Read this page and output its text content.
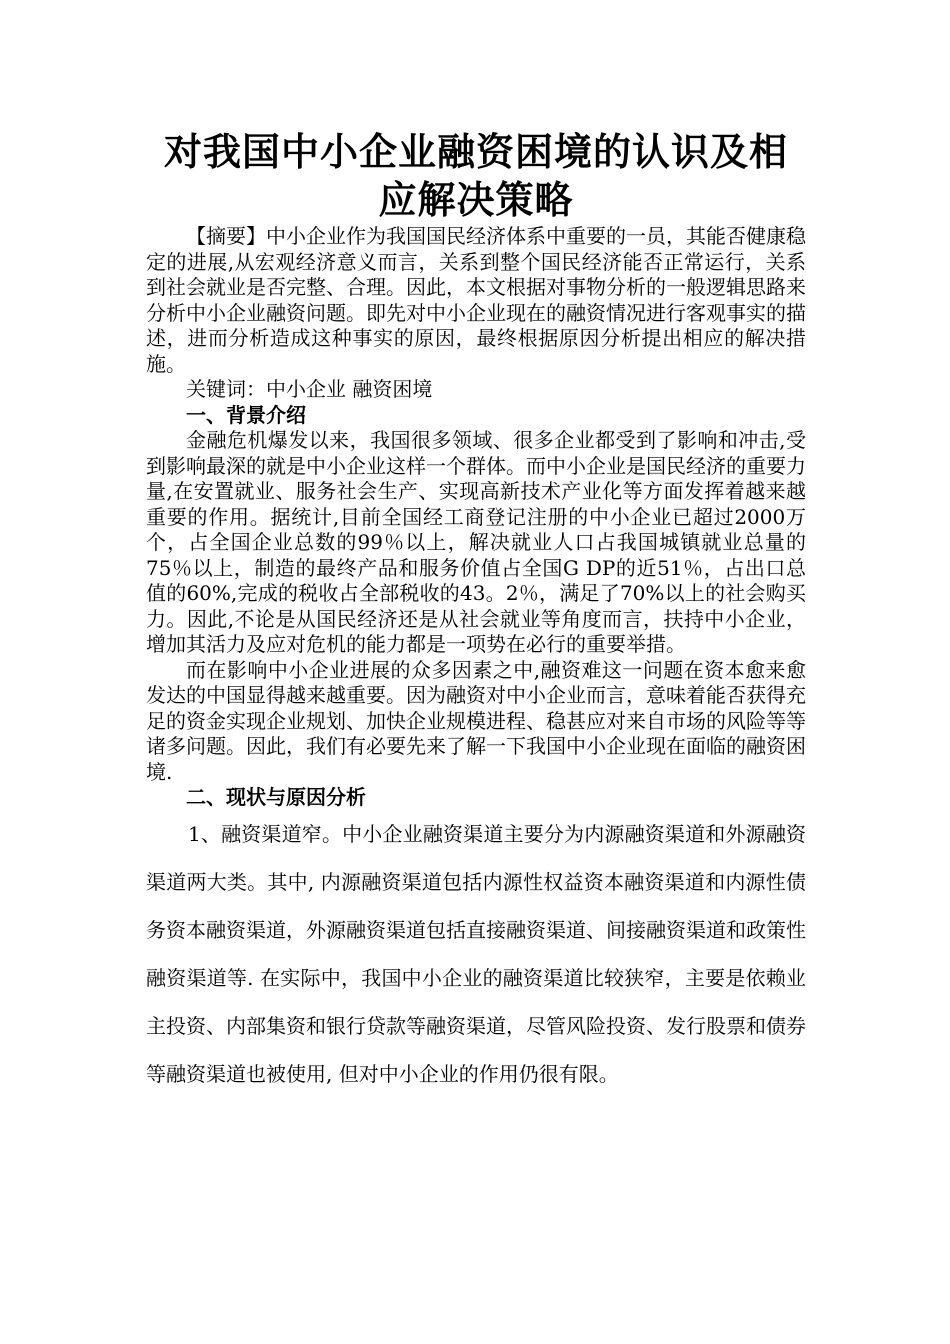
对我国中小企业融资困境的认识及相应解决策略

【摘要】中小企业作为我国国民经济体系中重要的一员，其能否健康稳定的进展,从宏观经济意义而言，关系到整个国民经济能否正常运行，关系到社会就业是否完整、合理。因此，本文根据对事物分析的一般逻辑思路来分析中小企业融资问题。即先对中小企业现在的融资情况进行客观事实的描述，进而分析造成这种事实的原因，最终根据原因分析提出相应的解决措施。

关键词：中小企业 融资困境

一、背景介绍

金融危机爆发以来，我国很多领域、很多企业都受到了影响和冲击,受到影响最深的就是中小企业这样一个群体。而中小企业是国民经济的重要力量,在安置就业、服务社会生产、实现高新技术产业化等方面发挥着越来越重要的作用。据统计,目前全国经工商登记注册的中小企业已超过2000万个，占全国企业总数的99％以上，解决就业人口占我国城镇就业总量的75％以上，制造的最终产品和服务价值占全国G DP的近51％，占出口总值的60%,完成的税收占全部税收的43。2％，满足了70%以上的社会购买力。因此,不论是从国民经济还是从社会就业等角度而言，扶持中小企业，增加其活力及应对危机的能力都是一项势在必行的重要举措。

而在影响中小企业进展的众多因素之中,融资难这一问题在资本愈来愈发达的中国显得越来越重要。因为融资对中小企业而言，意味着能否获得充足的资金实现企业规划、加快企业规模进程、稳甚应对来自市场的风险等等诸多问题。因此，我们有必要先来了解一下我国中小企业现在面临的融资困境.

二、现状与原因分析

1、融资渠道窄。中小企业融资渠道主要分为内源融资渠道和外源融资渠道两大类。其中, 内源融资渠道包括内源性权益资本融资渠道和内源性债务资本融资渠道，外源融资渠道包括直接融资渠道、间接融资渠道和政策性融资渠道等. 在实际中，我国中小企业的融资渠道比较狭窄，主要是依赖业主投资、内部集资和银行贷款等融资渠道，尽管风险投资、发行股票和债券等融资渠道也被使用, 但对中小企业的作用仍很有限。
